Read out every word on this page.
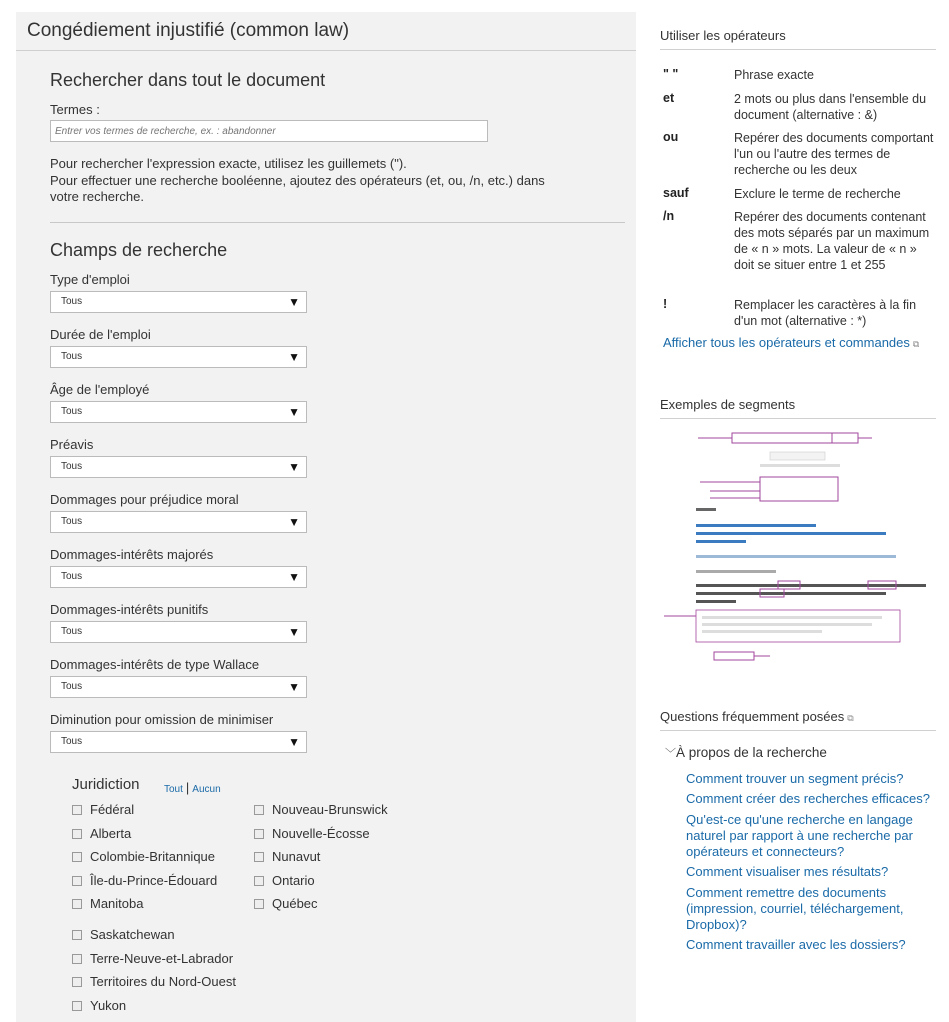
Congédiement injustifié (common law)
Rechercher dans tout le document
Termes :
Entrer vos termes de recherche, ex. : abandonner
Pour rechercher l'expression exacte, utilisez les guillemets (").
Pour effectuer une recherche booléenne, ajoutez des opérateurs (et, ou, /n, etc.) dans votre recherche.
Champs de recherche
Type d'emploi
Tous	▼
Durée de l'emploi
Tous	▼
Âge de l'employé
Tous	▼
Préavis
Tous	▼
Dommages pour préjudice moral
Tous	▼
Dommages-intérêts majorés
Tous	▼
Dommages-intérêts punitifs
Tous	▼
Dommages-intérêts de type Wallace
Tous	▼
Diminution pour omission de minimiser
Tous	▼
Juridiction Tout | Aucun
Fédéral
Alberta
Colombie-Britannique
Île-du-Prince-Édouard
Manitoba
Nouveau-Brunswick
Nouvelle-Écosse
Nunavut
Ontario
Québec
Saskatchewan
Terre-Neuve-et-Labrador
Territoires du Nord-Ouest
Yukon
Utiliser les opérateurs
" "	Phrase exacte
et	2 mots ou plus dans l'ensemble du document (alternative : &)
ou	Repérer des documents comportant l'un ou l'autre des termes de recherche ou les deux
sauf	Exclure le terme de recherche
/n	Repérer des documents contenant des mots séparés par un maximum de « n » mots. La valeur de « n » doit se situer entre 1 et 255
!	Remplacer les caractères à la fin d'un mot (alternative : *)
Afficher tous les opérateurs et commandes ⧉
Exemples de segments
Questions fréquemment posées ⧉
﹀À propos de la recherche
Comment trouver un segment précis?
Comment créer des recherches efficaces?
Qu'est-ce qu'une recherche en langage naturel par rapport à une recherche par opérateurs et connecteurs?
Comment visualiser mes résultats?
Comment remettre des documents (impression, courriel, téléchargement, Dropbox)?
Comment travailler avec les dossiers?
